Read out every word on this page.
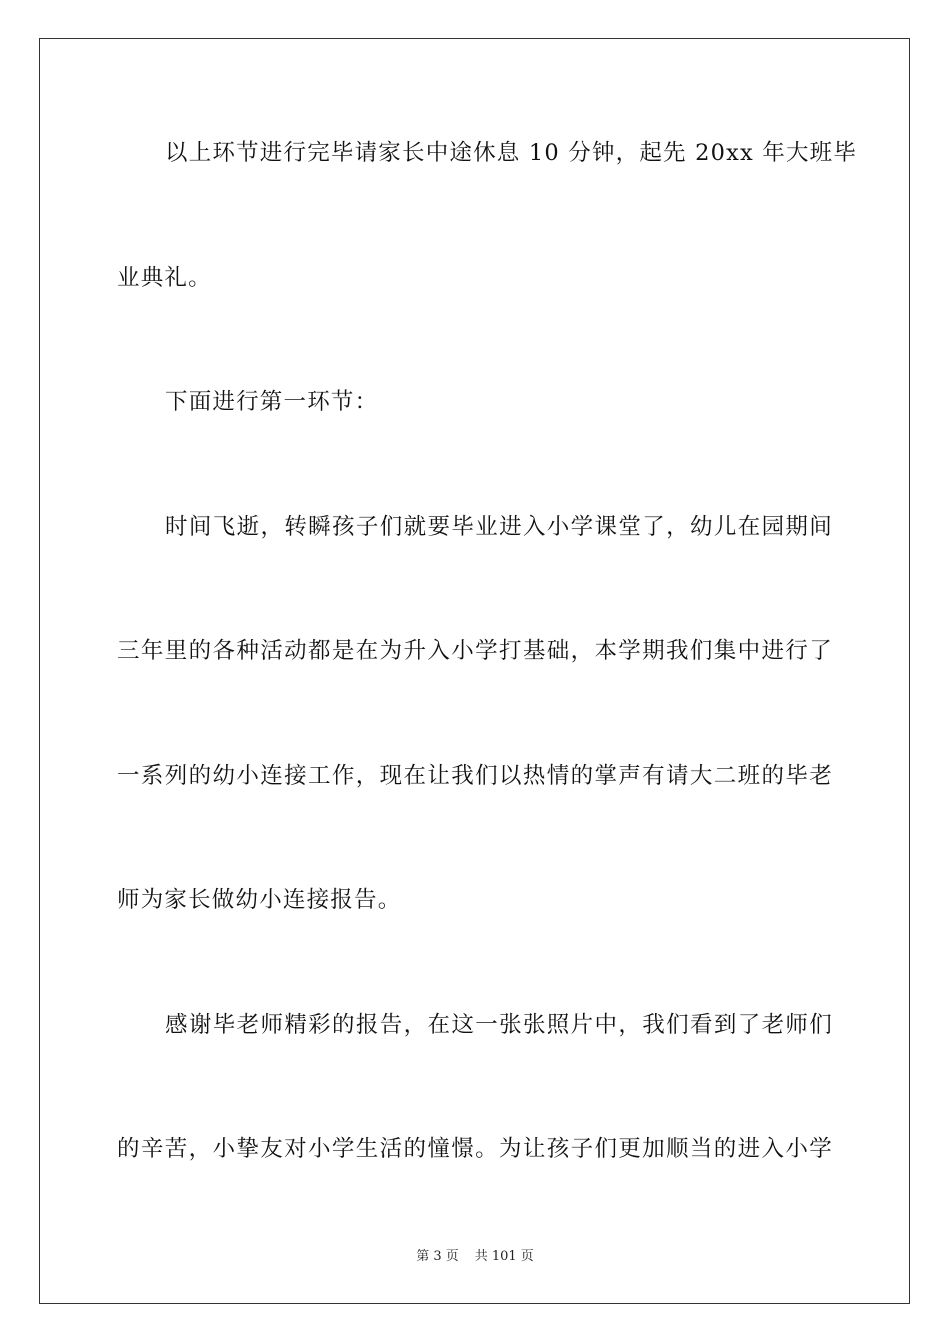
以上环节进行完毕请家长中途休息 10 分钟，起先 20xx 年大班毕
业典礼。
下面进行第一环节：
时间飞逝，转瞬孩子们就要毕业进入小学课堂了，幼儿在园期间
三年里的各种活动都是在为升入小学打基础，本学期我们集中进行了
一系列的幼小连接工作，现在让我们以热情的掌声有请大二班的毕老
师为家长做幼小连接报告。
感谢毕老师精彩的报告，在这一张张照片中，我们看到了老师们
的辛苦，小挚友对小学生活的憧憬。为让孩子们更加顺当的进入小学
第 3 页 共 101 页
